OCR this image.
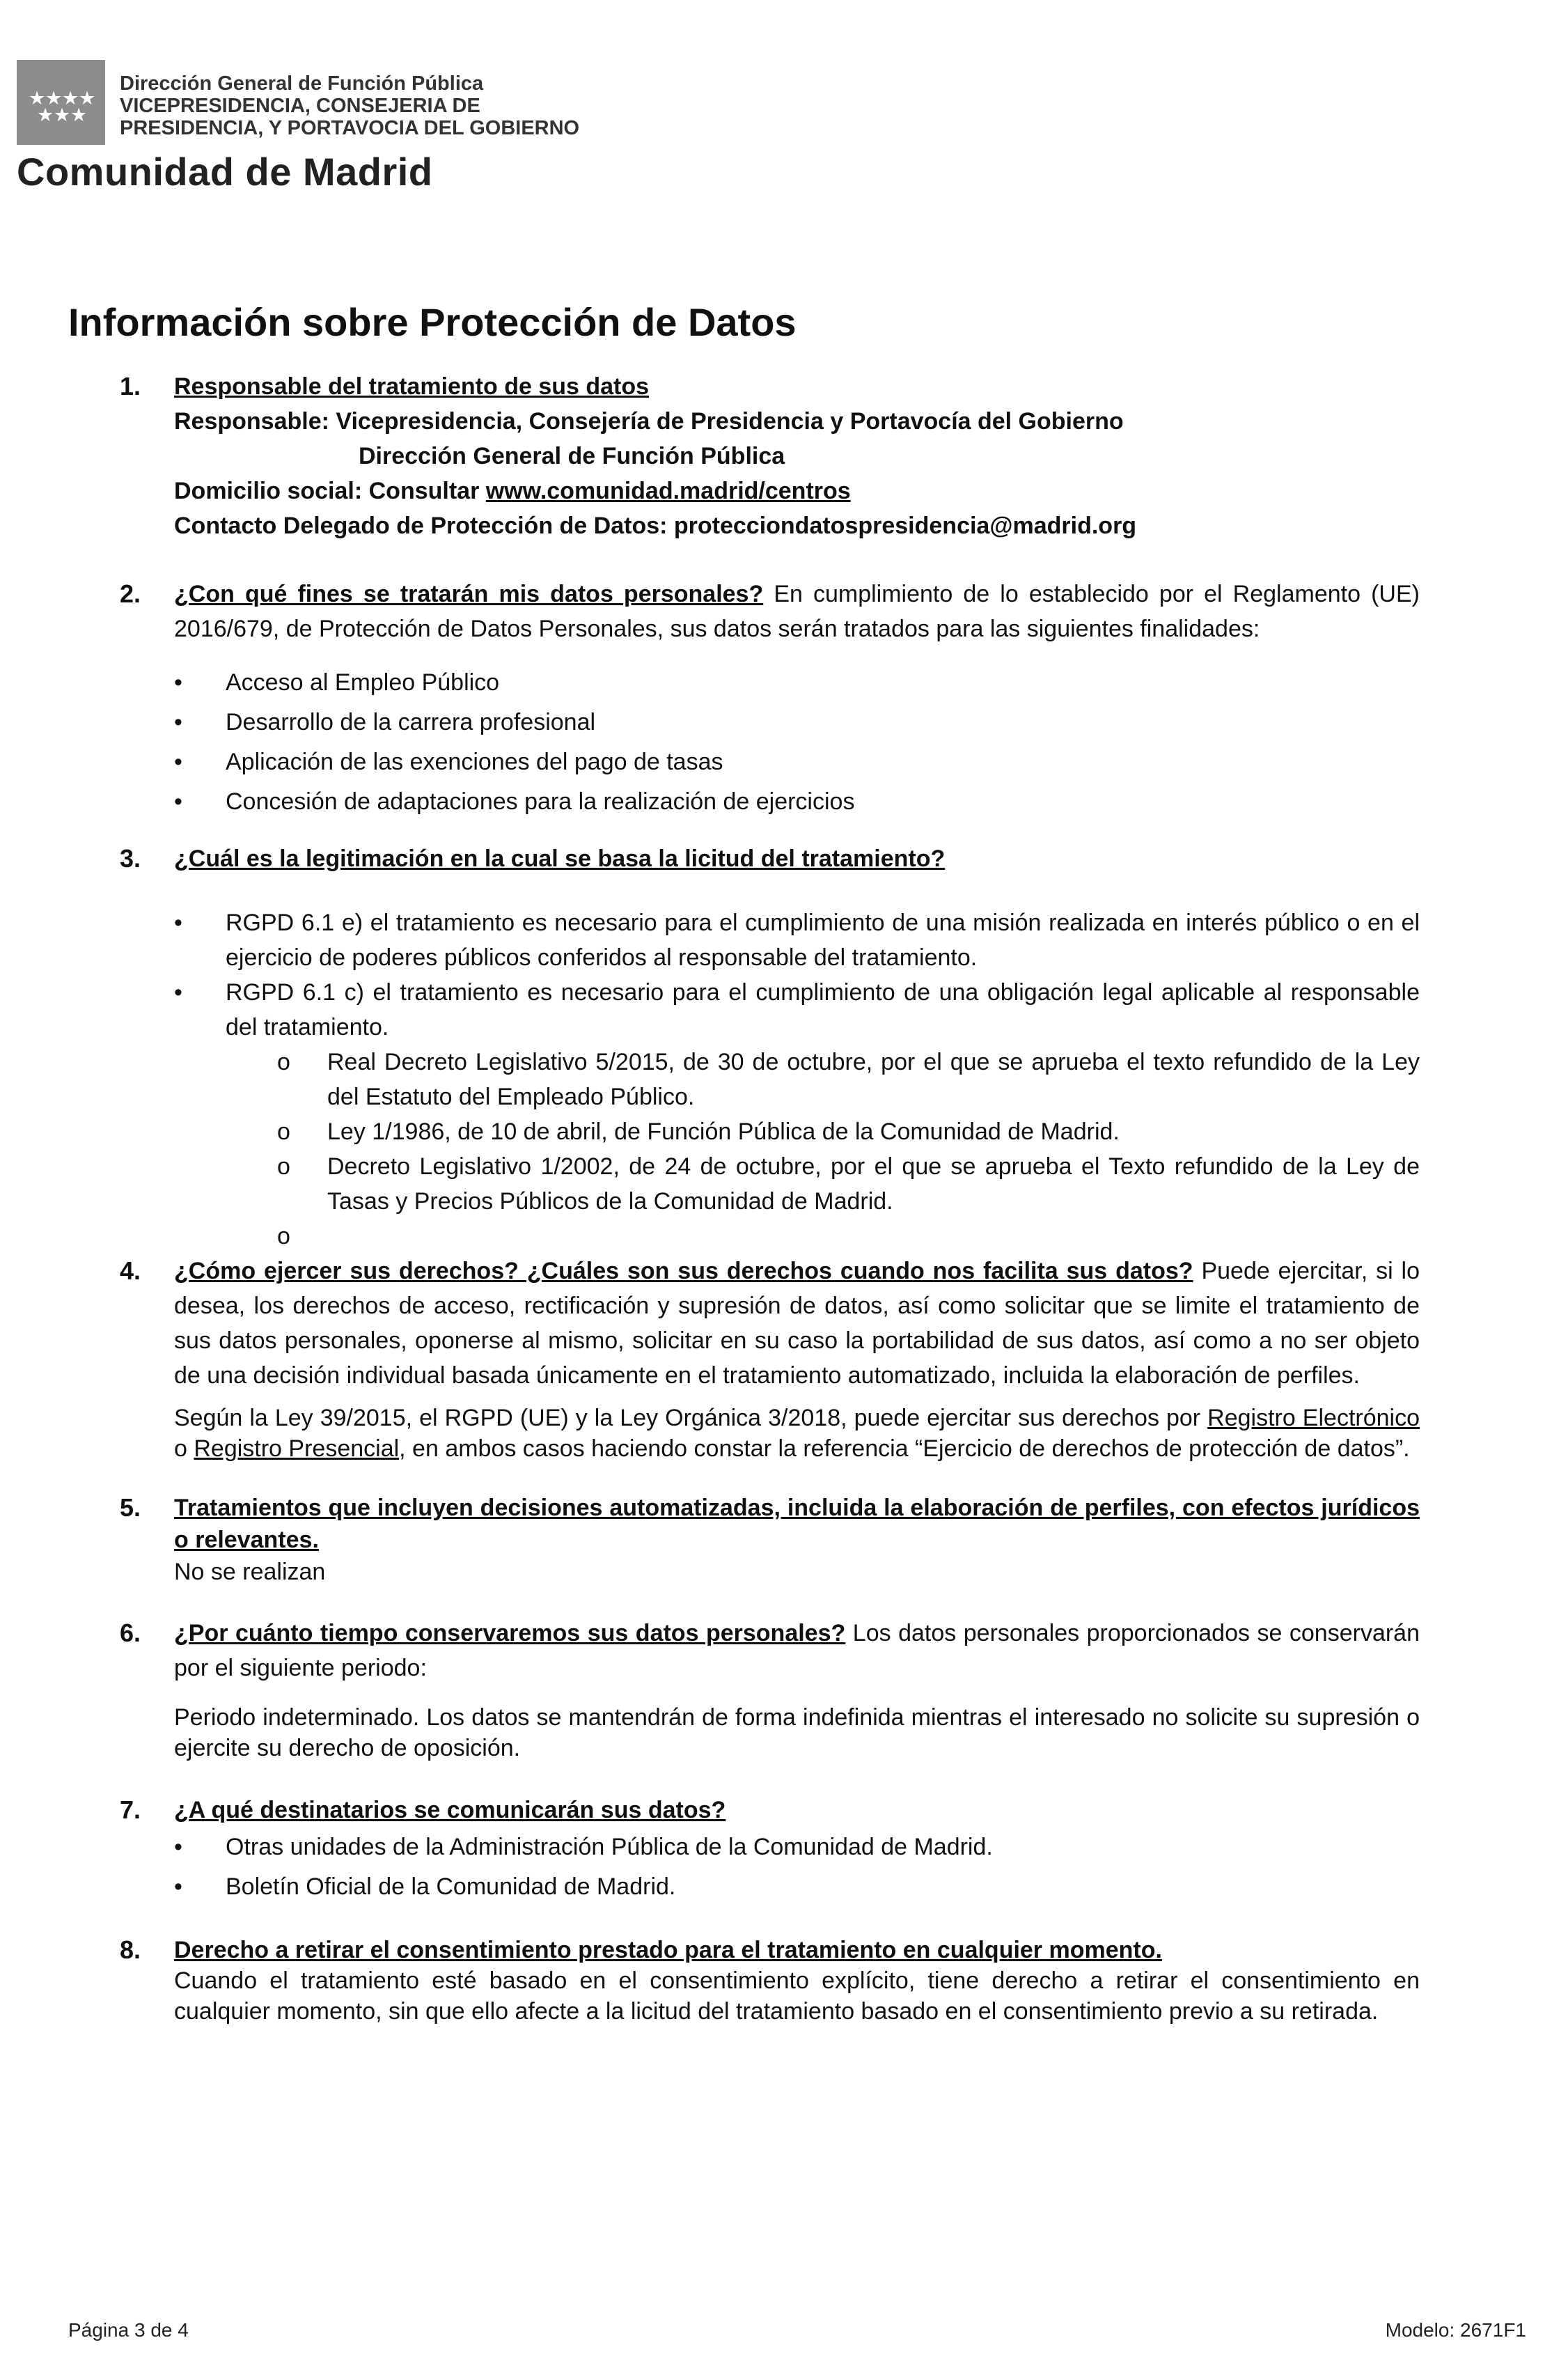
★ ★ ★ ★
★ ★ ★
Dirección General de Función Pública
VICEPRESIDENCIA, CONSEJERIA DE
PRESIDENCIA, Y PORTAVOCIA DEL GOBIERNO
Comunidad de Madrid
Información sobre Protección de Datos
1. Responsable del tratamiento de sus datos
Responsable: Vicepresidencia, Consejería de Presidencia y Portavocía del Gobierno
Dirección General de Función Pública
Domicilio social: Consultar www.comunidad.madrid/centros
Contacto Delegado de Protección de Datos: protecciondatospresidencia@madrid.org
2. ¿Con qué fines se tratarán mis datos personales? En cumplimiento de lo establecido por el Reglamento (UE) 2016/679, de Protección de Datos Personales, sus datos serán tratados para las siguientes finalidades:
• Acceso al Empleo Público
• Desarrollo de la carrera profesional
• Aplicación de las exenciones del pago de tasas
• Concesión de adaptaciones para la realización de ejercicios
3. ¿Cuál es la legitimación en la cual se basa la licitud del tratamiento?
• RGPD 6.1 e) el tratamiento es necesario para el cumplimiento de una misión realizada en interés público o en el ejercicio de poderes públicos conferidos al responsable del tratamiento.
• RGPD 6.1 c) el tratamiento es necesario para el cumplimiento de una obligación legal aplicable al responsable del tratamiento.
o Real Decreto Legislativo 5/2015, de 30 de octubre, por el que se aprueba el texto refundido de la Ley del Estatuto del Empleado Público.
o Ley 1/1986, de 10 de abril, de Función Pública de la Comunidad de Madrid.
o Decreto Legislativo 1/2002, de 24 de octubre, por el que se aprueba el Texto refundido de la Ley de Tasas y Precios Públicos de la Comunidad de Madrid.
o
4. ¿Cómo ejercer sus derechos? ¿Cuáles son sus derechos cuando nos facilita sus datos? Puede ejercitar, si lo desea, los derechos de acceso, rectificación y supresión de datos, así como solicitar que se limite el tratamiento de sus datos personales, oponerse al mismo, solicitar en su caso la portabilidad de sus datos, así como a no ser objeto de una decisión individual basada únicamente en el tratamiento automatizado, incluida la elaboración de perfiles.
Según la Ley 39/2015, el RGPD (UE) y la Ley Orgánica 3/2018, puede ejercitar sus derechos por Registro Electrónico o Registro Presencial, en ambos casos haciendo constar la referencia “Ejercicio de derechos de protección de datos”.
5. Tratamientos que incluyen decisiones automatizadas, incluida la elaboración de perfiles, con efectos jurídicos o relevantes.
No se realizan
6. ¿Por cuánto tiempo conservaremos sus datos personales? Los datos personales proporcionados se conservarán por el siguiente periodo:
Periodo indeterminado. Los datos se mantendrán de forma indefinida mientras el interesado no solicite su supresión o ejercite su derecho de oposición.
7. ¿A qué destinatarios se comunicarán sus datos?
• Otras unidades de la Administración Pública de la Comunidad de Madrid.
• Boletín Oficial de la Comunidad de Madrid.
8. Derecho a retirar el consentimiento prestado para el tratamiento en cualquier momento.
Cuando el tratamiento esté basado en el consentimiento explícito, tiene derecho a retirar el consentimiento en cualquier momento, sin que ello afecte a la licitud del tratamiento basado en el consentimiento previo a su retirada.
Página 3 de 4	Modelo: 2671F1
